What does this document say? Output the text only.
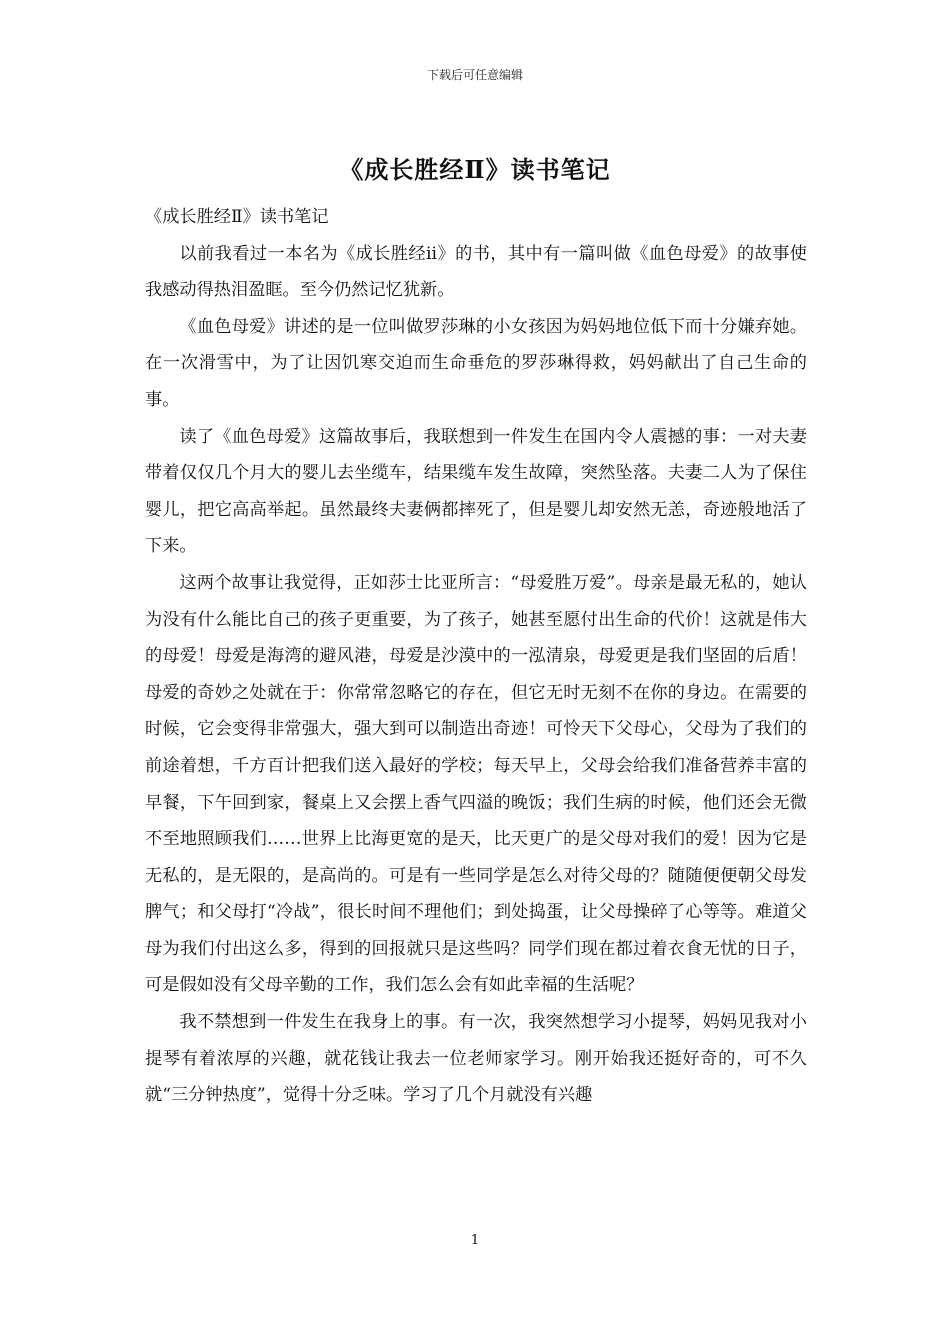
下载后可任意编辑
《成长胜经Ⅱ》读书笔记

《成长胜经Ⅱ》读书笔记

以前我看过一本名为《成长胜经ⅱ》的书，其中有一篇叫做《血色母爱》的故事使我感动得热泪盈眶。至今仍然记忆犹新。

《血色母爱》讲述的是一位叫做罗莎琳的小女孩因为妈妈地位低下而十分嫌弃她。在一次滑雪中，为了让因饥寒交迫而生命垂危的罗莎琳得救，妈妈献出了自己生命的事。

读了《血色母爱》这篇故事后，我联想到一件发生在国内令人震撼的事：一对夫妻带着仅仅几个月大的婴儿去坐缆车，结果缆车发生故障，突然坠落。夫妻二人为了保住婴儿，把它高高举起。虽然最终夫妻俩都摔死了，但是婴儿却安然无恙，奇迹般地活了下来。

这两个故事让我觉得，正如莎士比亚所言：“母爱胜万爱”。母亲是最无私的，她认为没有什么能比自己的孩子更重要，为了孩子，她甚至愿付出生命的代价！这就是伟大的母爱！母爱是海湾的避风港，母爱是沙漠中的一泓清泉，母爱更是我们坚固的后盾！母爱的奇妙之处就在于：你常常忽略它的存在，但它无时无刻不在你的身边。在需要的时候，它会变得非常强大，强大到可以制造出奇迹！可怜天下父母心，父母为了我们的前途着想，千方百计把我们送入最好的学校；每天早上，父母会给我们准备营养丰富的早餐，下午回到家，餐桌上又会摆上香气四溢的晚饭；我们生病的时候，他们还会无微不至地照顾我们……世界上比海更宽的是天，比天更广的是父母对我们的爱！因为它是无私的，是无限的，是高尚的。可是有一些同学是怎么对待父母的？随随便便朝父母发脾气；和父母打“冷战”，很长时间不理他们；到处捣蛋，让父母操碎了心等等。难道父母为我们付出这么多，得到的回报就只是这些吗？同学们现在都过着衣食无忧的日子，可是假如没有父母辛勤的工作，我们怎么会有如此幸福的生活呢？

我不禁想到一件发生在我身上的事。有一次，我突然想学习小提琴，妈妈见我对小提琴有着浓厚的兴趣，就花钱让我去一位老师家学习。刚开始我还挺好奇的，可不久就“三分钟热度”，觉得十分乏味。学习了几个月就没有兴趣

1
